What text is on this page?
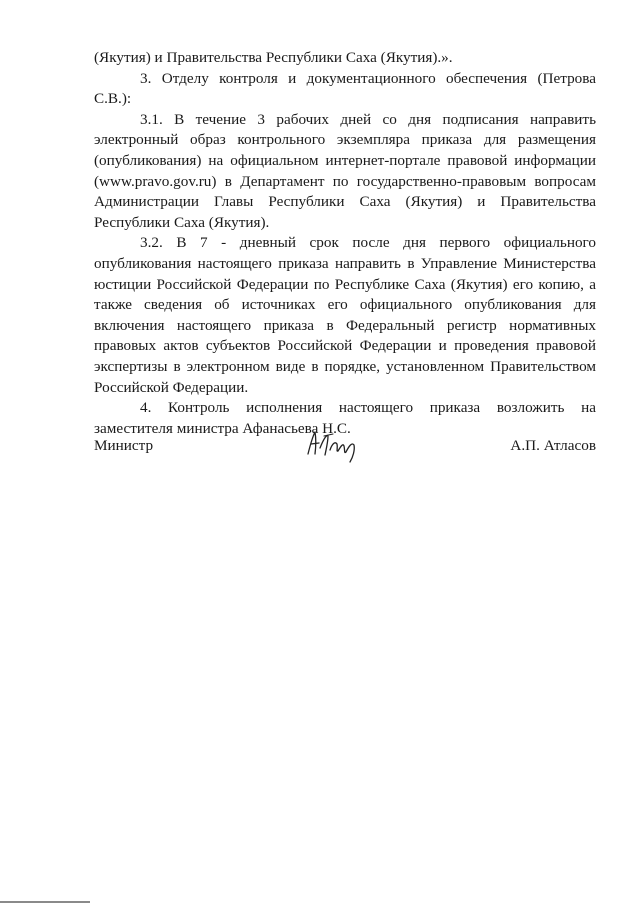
(Якутия) и Правительства Республики Саха (Якутия).».

3. Отделу контроля и документационного обеспечения (Петрова С.В.):

3.1. В течение 3 рабочих дней со дня подписания направить электронный образ контрольного экземпляра приказа для размещения (опубликования) на официальном интернет-портале правовой информации (www.pravo.gov.ru) в Департамент по государственно-правовым вопросам Администрации Главы Республики Саха (Якутия) и Правительства Республики Саха (Якутия).

3.2. В 7 - дневный срок после дня первого официального опубликования настоящего приказа направить в Управление Министерства юстиции Российской Федерации по Республике Саха (Якутия) его копию, а также сведения об источниках его официального опубликования для включения настоящего приказа в Федеральный регистр нормативных правовых актов субъектов Российской Федерации и проведения правовой экспертизы в электронном виде в порядке, установленном Правительством Российской Федерации.

4. Контроль исполнения настоящего приказа возложить на заместителя министра Афанасьева Н.С.

Министр	А.П. Атласов
